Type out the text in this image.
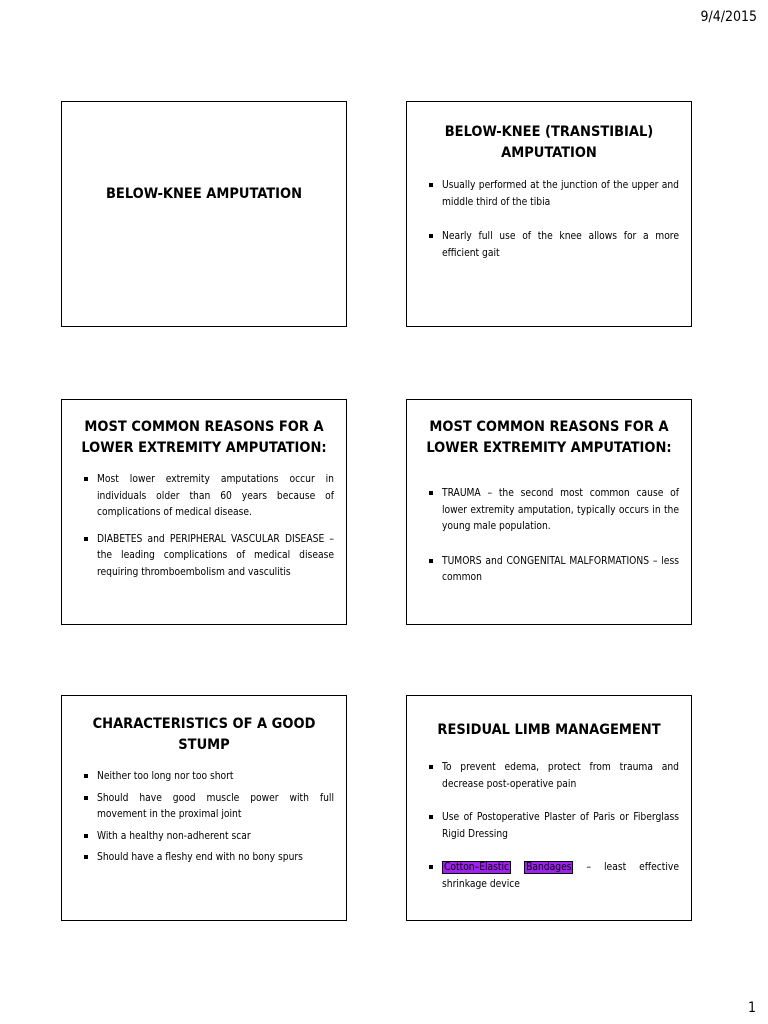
9/4/2015
BELOW-KNEE AMPUTATION
BELOW-KNEE (TRANSTIBIAL) AMPUTATION
Usually performed at the junction of the upper and middle third of the tibia
Nearly full use of the knee allows for a more efficient gait
MOST COMMON REASONS FOR A LOWER EXTREMITY AMPUTATION:
Most lower extremity amputations occur in individuals older than 60 years because of complications of medical disease.
DIABETES and PERIPHERAL VASCULAR DISEASE – the leading complications of medical disease requiring thromboembolism and vasculitis
MOST COMMON REASONS FOR A LOWER EXTREMITY AMPUTATION:
TRAUMA – the second most common cause of lower extremity amputation, typically occurs in the young male population.
TUMORS and CONGENITAL MALFORMATIONS – less common
CHARACTERISTICS OF A GOOD STUMP
Neither too long nor too short
Should have good muscle power with full movement in the proximal joint
With a healthy non-adherent scar
Should have a fleshy end with no bony spurs
RESIDUAL LIMB MANAGEMENT
To prevent edema, protect from trauma and decrease post-operative pain
Use of Postoperative Plaster of Paris or Fiberglass Rigid Dressing
Cotton–Elastic Bandages – least effective shrinkage device
1
